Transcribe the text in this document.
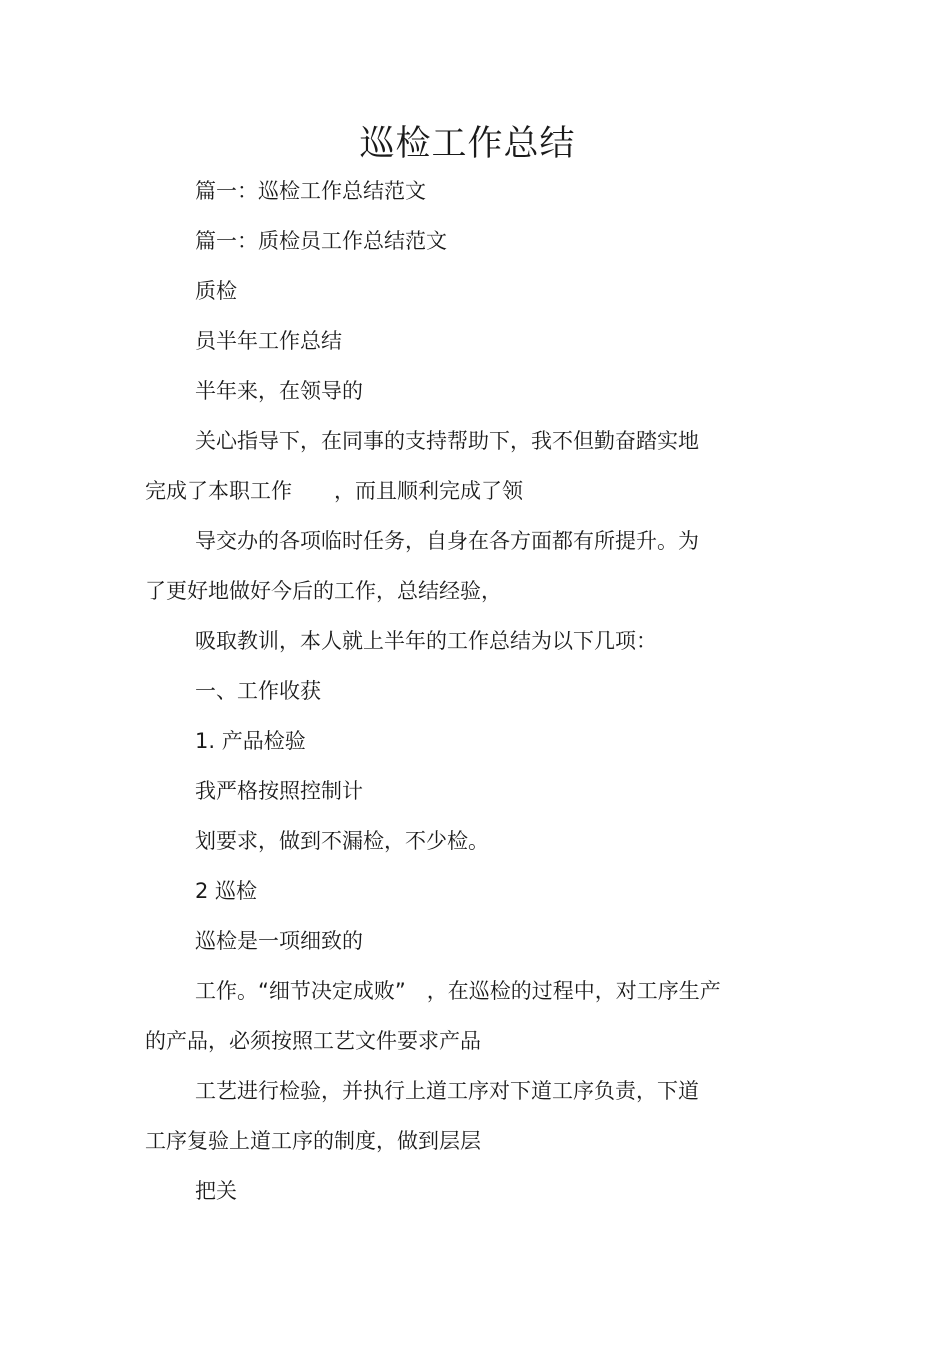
巡检工作总结

篇一：巡检工作总结范文

篇一：质检员工作总结范文

质检

员半年工作总结

半年来，在领导的

关心指导下，在同事的支持帮助下，我不但勤奋踏实地
完成了本职工作　　，而且顺利完成了领

导交办的各项临时任务，自身在各方面都有所提升。为
了更好地做好今后的工作，总结经验，

吸取教训，本人就上半年的工作总结为以下几项：

一、工作收获

1. 产品检验

我严格按照控制计

划要求，做到不漏检，不少检。

2 巡检

巡检是一项细致的

工作。“细节决定成败”　，在巡检的过程中，对工序生产
的产品，必须按照工艺文件要求产品

工艺进行检验，并执行上道工序对下道工序负责，下道
工序复验上道工序的制度，做到层层

把关
